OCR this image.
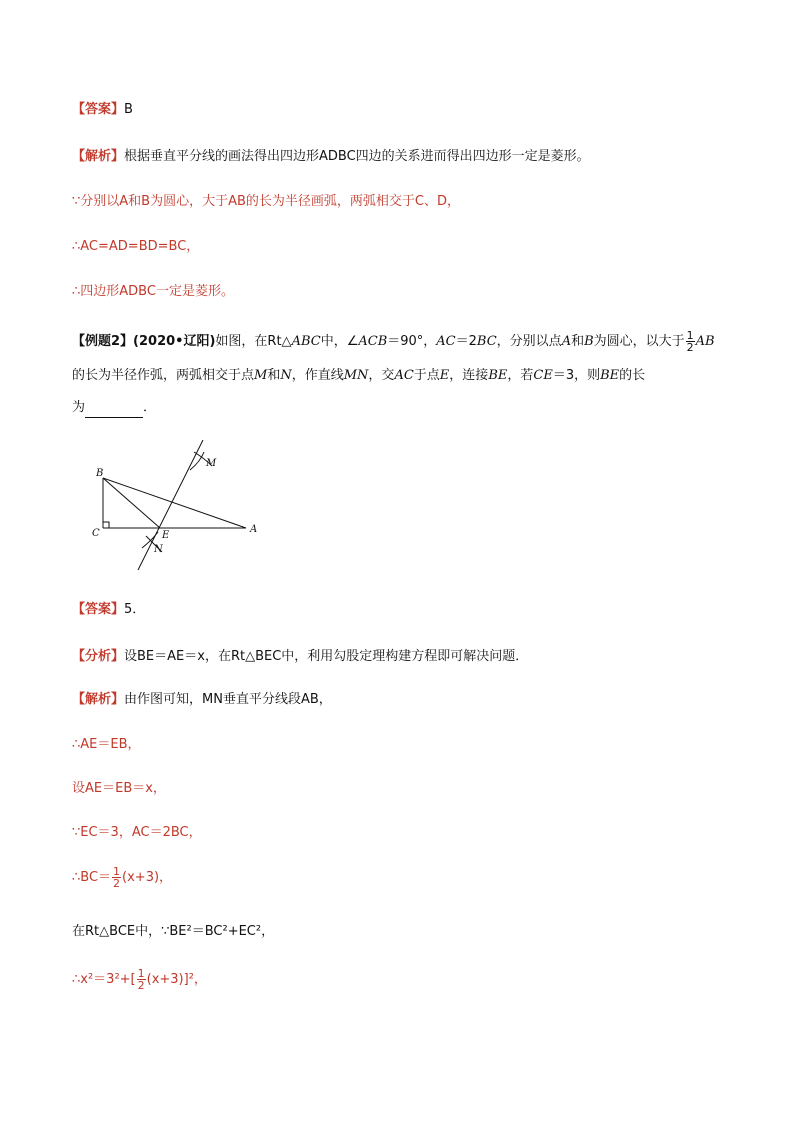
【答案】B
【解析】根据垂直平分线的画法得出四边形ADBC四边的关系进而得出四边形一定是菱形。
∵分别以A和B为圆心，大于AB的长为半径画弧，两弧相交于C、D，
∴AC=AD=BD=BC，
∴四边形ADBC一定是菱形。
【例题2】(2020•辽阳)如图，在Rt△ABC中，∠ACB＝90°，AC＝2BC，分别以点A和B为圆心，以大于 $\frac{1}{2}$ AB
的长为半径作弧，两弧相交于点M和N，作直线MN，交AC于点E，连接BE，若CE＝3，则BE的长
为	．
B
C	E
A
M
N
【答案】5．
【分析】设BE＝AE＝x，在Rt△BEC中，利用勾股定理构建方程即可解决问题．
【解析】由作图可知，MN垂直平分线段AB，
∴AE＝EB，
设AE＝EB＝x，
∵EC＝3，AC＝2BC，
∴BC＝ $\frac{1}{2} (x+3)$，
在Rt△BCE中，∵BE²＝BC²+EC²，
∴x²＝3²+[ $\frac{1}{2} (x+3)]^2$，
